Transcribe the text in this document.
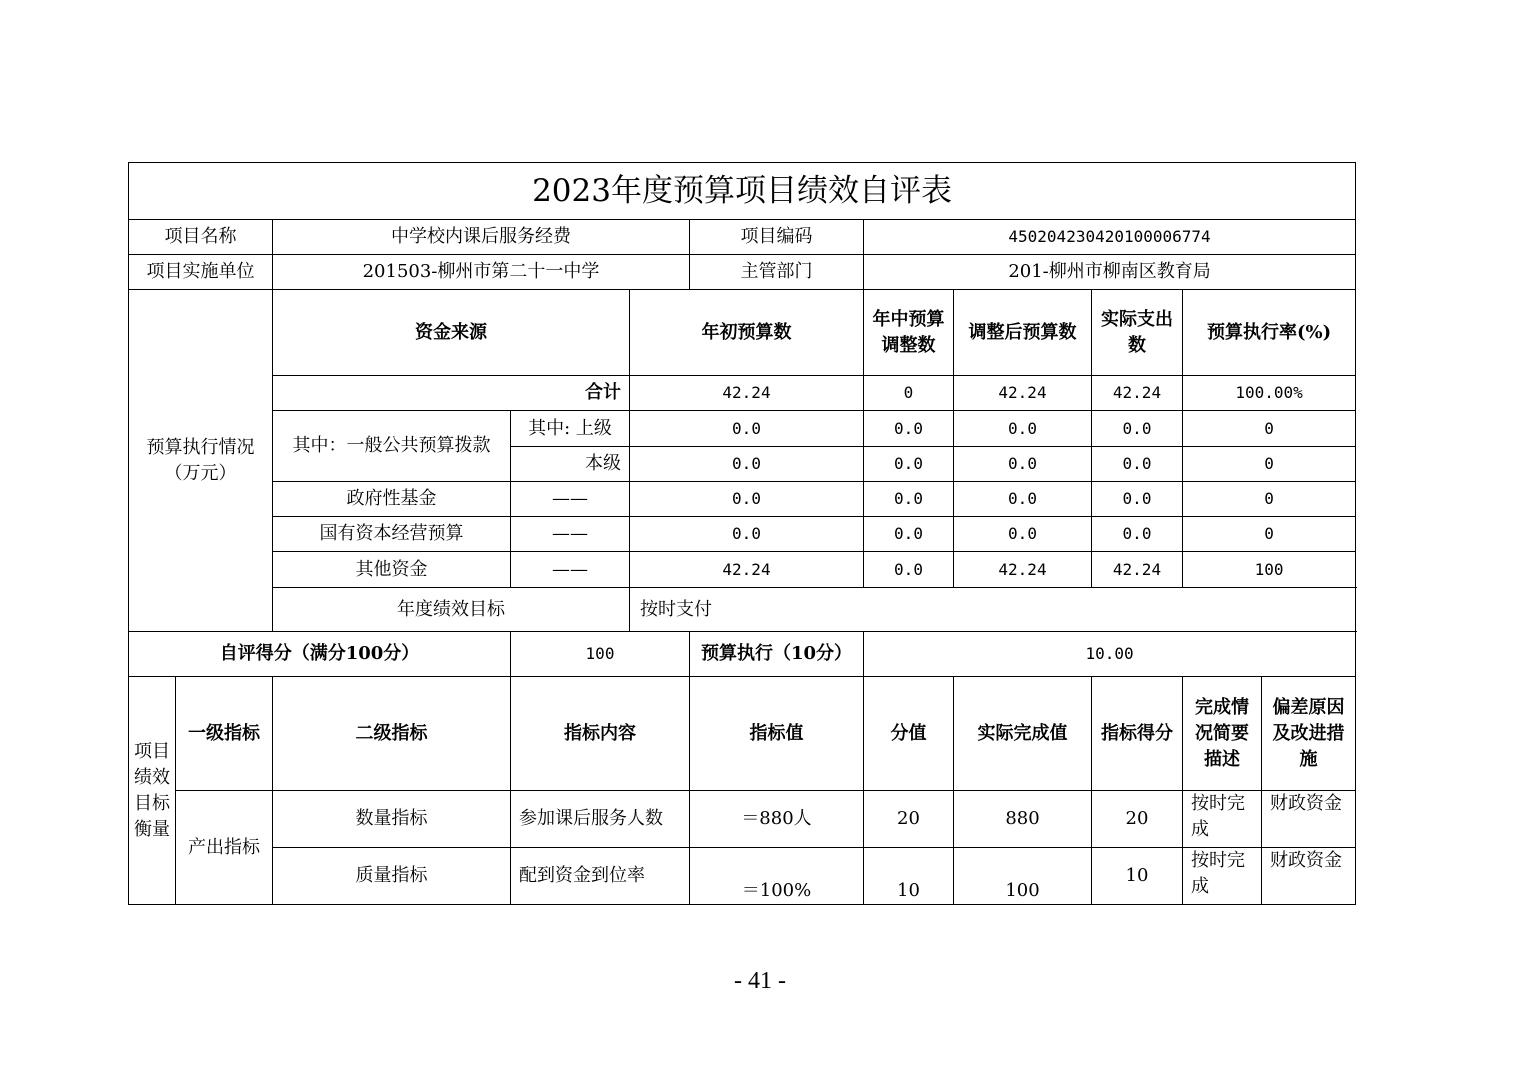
2023年度预算项目绩效自评表										
项目名称		中学校内课后服务经费			项目编码	450204230420100006774				
项目实施单位		201503-柳州市第二十一中学			主管部门	201-柳州市柳南区教育局				
预算执行情况（万元）		资金来源		年初预算数		年中预算调整数	调整后预算数	实际支出数	预算执行率(%)	
		合计		42.24		0	42.24	42.24	100.00%	
		其中：一般公共预算拨款	其中: 上级	0.0		0.0	0.0	0.0	0	
			本级	0.0		0.0	0.0	0.0	0	
		政府性基金	——	0.0		0.0	0.0	0.0	0	
		国有资本经营预算	——	0.0		0.0	0.0	0.0	0	
		其他资金	——	42.24		0.0	42.24	42.24	100	
		年度绩效目标		按时支付						
自评得分（满分100分）			100		预算执行（10分）	10.00				
项目绩效目标衡量	一级指标	二级指标	指标内容		指标值	分值	实际完成值	指标得分	完成情况简要描述	偏差原因及改进措施
	产出指标	数量指标	参加课后服务人数		＝880人	20	880	20	按时完成	财政资金
		质量指标	配到资金到位率		＝100%	10	100	10	按时完成	财政资金
- 41 -
